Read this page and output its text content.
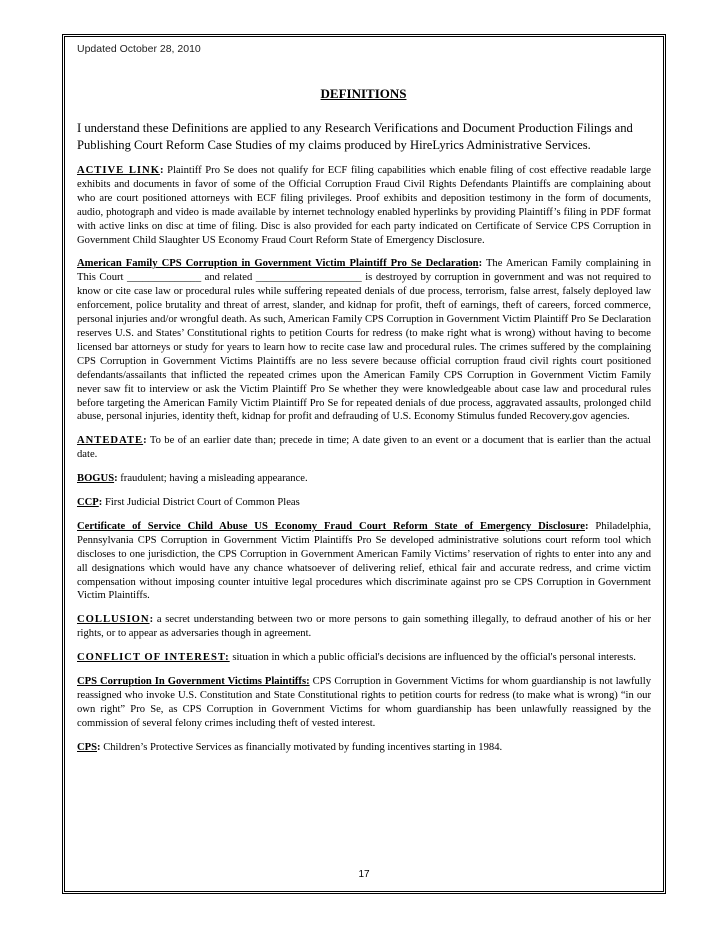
Updated October 28, 2010
DEFINITIONS
I understand these Definitions are applied to any Research Verifications and Document Production Filings and Publishing Court Reform Case Studies of my claims produced by HireLyrics Administrative Services.

ACTIVE LINK: Plaintiff Pro Se does not qualify for ECF filing capabilities which enable filing of cost effective readable large exhibits and documents in favor of some of the Official Corruption Fraud Civil Rights Defendants Plaintiffs are complaining about who are court positioned attorneys with ECF filing privileges. Proof exhibits and deposition testimony in the form of documents, audio, photograph and video is made available by internet technology enabled hyperlinks by providing Plaintiff’s filing in PDF format with active links on disc at time of filing. Disc is also provided for each party indicated on Certificate of Service CPS Corruption in Government Child Slaughter US Economy Fraud Court Reform State of Emergency Disclosure.

American Family CPS Corruption in Government Victim Plaintiff Pro Se Declaration: The American Family complaining in This Court ______________ and related ____________________ is destroyed by corruption in government and was not required to know or cite case law or procedural rules while suffering repeated denials of due process, terrorism, false arrest, falsely deployed law enforcement, police brutality and threat of arrest, slander, and kidnap for profit, theft of earnings, theft of careers, forced commerce, personal injuries and/or wrongful death. As such, American Family CPS Corruption in Government Victim Plaintiff Pro Se Declaration reserves U.S. and States’ Constitutional rights to petition Courts for redress (to make right what is wrong) without having to become licensed bar attorneys or study for years to learn how to recite case law and procedural rules. The crimes suffered by the complaining CPS Corruption in Government Victims Plaintiffs are no less severe because official corruption fraud civil rights court positioned defendants/assailants that inflicted the repeated crimes upon the American Family CPS Corruption in Government Victim Family never saw fit to interview or ask the Victim Plaintiff Pro Se whether they were knowledgeable about case law and procedural rules before targeting the American Family Victim Plaintiff Pro Se for repeated denials of due process, aggravated assaults, prolonged child abuse, personal injuries, identity theft, kidnap for profit and defrauding of U.S. Economy Stimulus funded Recovery.gov agencies.

ANTEDATE: To be of an earlier date than; precede in time; A date given to an event or a document that is earlier than the actual date.

BOGUS: fraudulent; having a misleading appearance.

CCP: First Judicial District Court of Common Pleas

Certificate of Service Child Abuse US Economy Fraud Court Reform State of Emergency Disclosure: Philadelphia, Pennsylvania CPS Corruption in Government Victim Plaintiffs Pro Se developed administrative solutions court reform tool which discloses to one jurisdiction, the CPS Corruption in Government American Family Victims’ reservation of rights to enter into any and all designations which would have any chance whatsoever of delivering relief, ethical fair and accurate redress, and crime victim compensation without imposing counter intuitive legal procedures which discriminate against pro se CPS Corruption in Government Victim Plaintiffs.

COLLUSION: a secret understanding between two or more persons to gain something illegally, to defraud another of his or her rights, or to appear as adversaries though in agreement.

CONFLICT OF INTEREST: situation in which a public official's decisions are influenced by the official's personal interests.

CPS Corruption In Government Victims Plaintiffs: CPS Corruption in Government Victims for whom guardianship is not lawfully reassigned who invoke U.S. Constitution and State Constitutional rights to petition courts for redress (to make what is wrong) “in our own right” Pro Se, as CPS Corruption in Government Victims for whom guardianship has been unlawfully reassigned by the commission of several felony crimes including theft of vested interest.

CPS: Children’s Protective Services as financially motivated by funding incentives starting in 1984.

17
